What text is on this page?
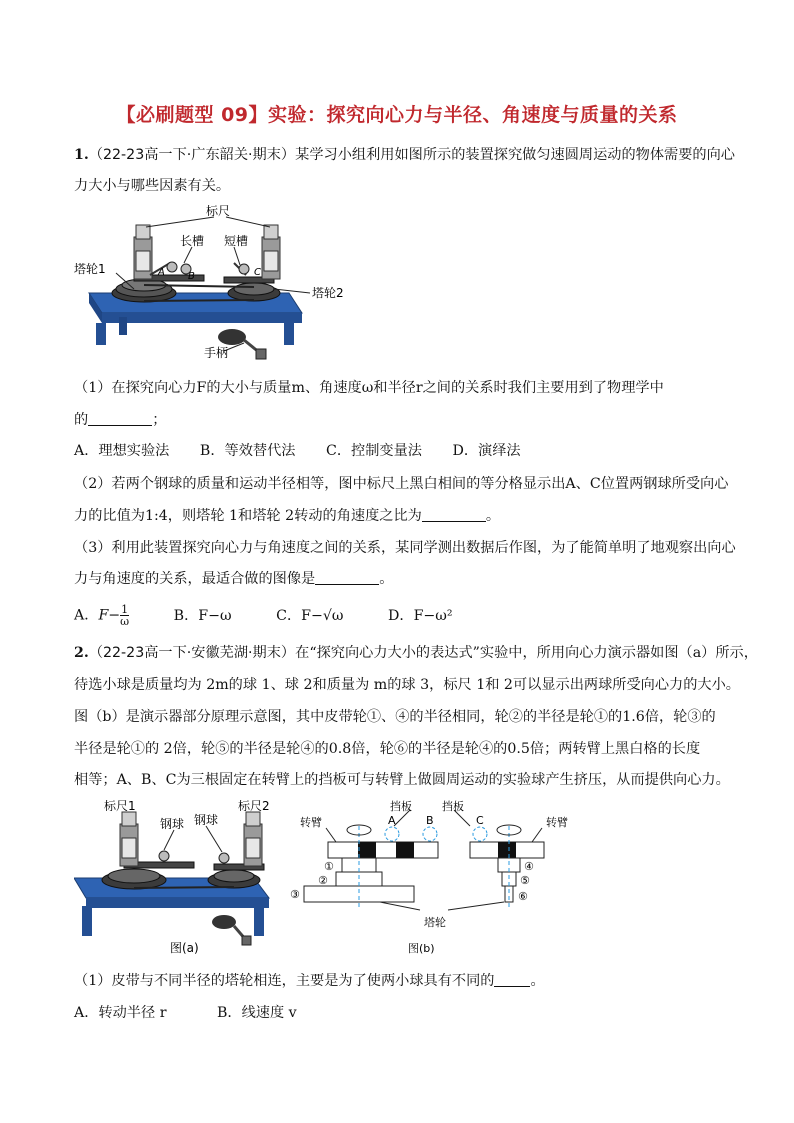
【必刷题型 09】实验：探究向心力与半径、角速度与质量的关系
1.（22-23高一下·广东韶关·期末）某学习小组利用如图所示的装置探究做匀速圆周运动的物体需要的向心
力大小与哪些因素有关。
标尺
长槽 短槽
塔轮1
塔轮2
手柄
A B	C
（1）在探究向心力F的大小与质量m、角速度ω和半径r之间的关系时我们主要用到了物理学中
的	；
A．理想实验法 B．等效替代法 C．控制变量法 D．演绎法
（2）若两个钢球的质量和运动半径相等，图中标尺上黑白相间的等分格显示出A、C位置两钢球所受向心
力的比值为1:4，则塔轮 1和塔轮 2转动的角速度之比为	。
（3）利用此装置探究向心力与角速度之间的关系，某同学测出数据后作图，为了能简单明了地观察出向心
力与角速度的关系，最适合做的图像是	。
A．$F- \frac{1}{\omega}$	B．F−ω	C．F−√ω	D．F−ω²
2.（22-23高一下·安徽芜湖·期末）在“探究向心力大小的表达式”实验中，所用向心力演示器如图（a）所示，
待选小球是质量均为 2m的球 1、球 2和质量为 m的球 3，标尺 1和 2可以显示出两球所受向心力的大小。
图（b）是演示器部分原理示意图，其中皮带轮①、④的半径相同，轮②的半径是轮①的1.6倍，轮③的
半径是轮①的 2倍，轮⑤的半径是轮④的0.8倍，轮⑥的半径是轮④的0.5倍；两转臂上黑白格的长度
相等；A、B、C为三根固定在转臂上的挡板可与转臂上做圆周运动的实验球产生挤压，从而提供向心力。
标尺1	标尺2
钢球 钢球
图(a)
转臂	转臂
挡板	挡板
A	B	C
①
②
③
④
⑤
⑥
塔轮
图(b)
（1）皮带与不同半径的塔轮相连，主要是为了使两小球具有不同的	。
A．转动半径 r	B．线速度 v
